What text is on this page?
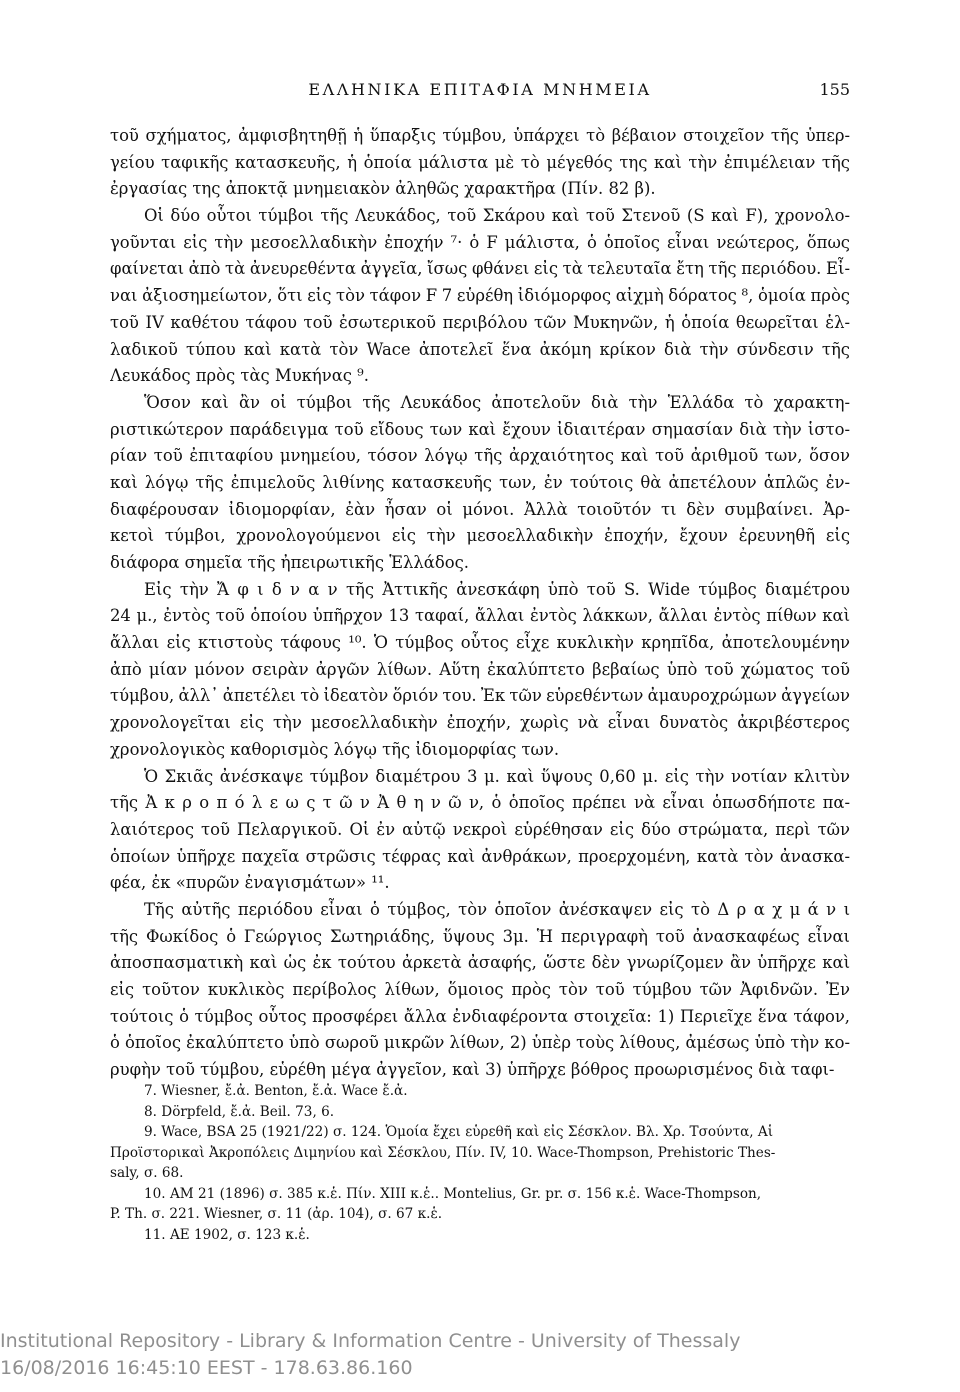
ΕΛΛΗΝΙΚΑ ΕΠΙΤΑΦΙΑ ΜΝΗΜΕΙΑ	155
τοῦ σχήματος, ἀμφισβητηθῇ ἡ ὕπαρξις τύμβου, ὑπάρχει τὸ βέβαιον στοιχεῖον τῆς ὑπερ-
γείου ταφικῆς κατασκευῆς, ἡ ὁποία μάλιστα μὲ τὸ μέγεθός της καὶ τὴν ἐπιμέλειαν τῆς
ἐργασίας της ἀποκτᾷ μνημειακὸν ἀληθῶς χαρακτῆρα (Πίν. 82 β).
Οἱ δύο οὗτοι τύμβοι τῆς Λευκάδος, τοῦ Σκάρου καὶ τοῦ Στενοῦ (S καὶ F), χρονολο-
γοῦνται εἰς τὴν μεσοελλαδικὴν ἐποχήν ⁷· ὁ F μάλιστα, ὁ ὁποῖος εἶναι νεώτερος, ὅπως
φαίνεται ἀπὸ τὰ ἀνευρεθέντα ἀγγεῖα, ἴσως φθάνει εἰς τὰ τελευταῖα ἔτη τῆς περιόδου. Εἶ-
ναι ἀξιοσημείωτον, ὅτι εἰς τὸν τάφον F 7 εὑρέθη ἰδιόμορφος αἰχμὴ δόρατος ⁸, ὁμοία πρὸς
τοῦ IV καθέτου τάφου τοῦ ἐσωτερικοῦ περιβόλου τῶν Μυκηνῶν, ἡ ὁποία θεωρεῖται ἑλ-
λαδικοῦ τύπου καὶ κατὰ τὸν Wace ἀποτελεῖ ἕνα ἀκόμη κρίκον διὰ τὴν σύνδεσιν τῆς
Λευκάδος πρὸς τὰς Μυκήνας ⁹.
Ὅσον καὶ ἂν οἱ τύμβοι τῆς Λευκάδος ἀποτελοῦν διὰ τὴν Ἑλλάδα τὸ χαρακτη-
ριστικώτερον παράδειγμα τοῦ εἴδους των καὶ ἔχουν ἰδιαιτέραν σημασίαν διὰ τὴν ἱστο-
ρίαν τοῦ ἐπιταφίου μνημείου, τόσον λόγῳ τῆς ἀρχαιότητος καὶ τοῦ ἀριθμοῦ των, ὅσον
καὶ λόγῳ τῆς ἐπιμελοῦς λιθίνης κατασκευῆς των, ἐν τούτοις θὰ ἀπετέλουν ἁπλῶς ἐν-
διαφέρουσαν ἰδιομορφίαν, ἐὰν ἦσαν οἱ μόνοι. Ἀλλὰ τοιοῦτόν τι δὲν συμβαίνει. Ἀρ-
κετοὶ τύμβοι, χρονολογούμενοι εἰς τὴν μεσοελλαδικὴν ἐποχήν, ἔχουν ἐρευνηθῆ εἰς
διάφορα σημεῖα τῆς ἠπειρωτικῆς Ἑλλάδος.
Εἰς τὴν Ἄ φ ι δ ν α ν τῆς Ἀττικῆς ἀνεσκάφη ὑπὸ τοῦ S. Wide τύμβος διαμέτρου
24 μ., ἐντὸς τοῦ ὁποίου ὑπῆρχον 13 ταφαί, ἄλλαι ἐντὸς λάκκων, ἄλλαι ἐντὸς πίθων καὶ
ἄλλαι εἰς κτιστοὺς τάφους ¹⁰. Ὁ τύμβος οὗτος εἶχε κυκλικὴν κρηπῖδα, ἀποτελουμένην
ἀπὸ μίαν μόνον σειρὰν ἀργῶν λίθων. Αὕτη ἐκαλύπτετο βεβαίως ὑπὸ τοῦ χώματος τοῦ
τύμβου, ἀλλ᾽ ἀπετέλει τὸ ἰδεατὸν ὅριόν του. Ἐκ τῶν εὑρεθέντων ἀμαυροχρώμων ἀγγείων
χρονολογεῖται εἰς τὴν μεσοελλαδικὴν ἐποχήν, χωρὶς νὰ εἶναι δυνατὸς ἀκριβέστερος
χρονολογικὸς καθορισμὸς λόγῳ τῆς ἰδιομορφίας των.
Ὁ Σκιᾶς ἀνέσκαψε τύμβον διαμέτρου 3 μ. καὶ ὕψους 0,60 μ. εἰς τὴν νοτίαν κλιτὺν
τῆς Ἀ κ ρ ο π ό λ ε ω ς τ ῶ ν Ἀ θ η ν ῶ ν, ὁ ὁποῖος πρέπει νὰ εἶναι ὁπωσδήποτε πα-
λαιότερος τοῦ Πελαργικοῦ. Οἱ ἐν αὐτῷ νεκροὶ εὑρέθησαν εἰς δύο στρώματα, περὶ τῶν
ὁποίων ὑπῆρχε παχεῖα στρῶσις τέφρας καὶ ἀνθράκων, προερχομένη, κατὰ τὸν ἀνασκα-
φέα, ἐκ «πυρῶν ἐναγισμάτων» ¹¹.
Τῆς αὐτῆς περιόδου εἶναι ὁ τύμβος, τὸν ὁποῖον ἀνέσκαψεν εἰς τὸ Δ ρ α χ μ ά ν ι
τῆς Φωκίδος ὁ Γεώργιος Σωτηριάδης, ὕψους 3μ. Ἡ περιγραφὴ τοῦ ἀνασκαφέως εἶναι
ἀποσπασματικὴ καὶ ὡς ἐκ τούτου ἀρκετὰ ἀσαφής, ὥστε δὲν γνωρίζομεν ἂν ὑπῆρχε καὶ
εἰς τοῦτον κυκλικὸς περίβολος λίθων, ὅμοιος πρὸς τὸν τοῦ τύμβου τῶν Ἀφιδνῶν. Ἐν
τούτοις ὁ τύμβος οὗτος προσφέρει ἄλλα ἐνδιαφέροντα στοιχεῖα: 1) Περιεῖχε ἕνα τάφον,
ὁ ὁποῖος ἐκαλύπτετο ὑπὸ σωροῦ μικρῶν λίθων, 2) ὑπὲρ τοὺς λίθους, ἀμέσως ὑπὸ τὴν κο-
ρυφὴν τοῦ τύμβου, εὑρέθη μέγα ἀγγεῖον, καὶ 3) ὑπῆρχε βόθρος προωρισμένος διὰ ταφι-
7. Wiesner, ἔ.ἀ. Benton, ἔ.ἀ. Wace ἔ.ἀ.
8. Dörpfeld, ἔ.ἀ. Beil. 73, 6.
9. Wace, BSA 25 (1921/22) σ. 124. Ὁμοία ἔχει εὑρεθῆ καὶ εἰς Σέσκλον. Βλ. Χρ. Τσούντα, Αἱ
Προϊστορικαὶ Ἀκροπόλεις Διμηνίου καὶ Σέσκλου, Πίν. IV, 10. Wace-Thompson, Prehistoric Thes-
saly, σ. 68.
10. AM 21 (1896) σ. 385 κ.ἑ. Πίν. XIII κ.ἑ.. Montelius, Gr. pr. σ. 156 κ.ἑ. Wace-Thompson,
P. Th. σ. 221. Wiesner, σ. 11 (ἀρ. 104), σ. 67 κ.ἑ.
11. ΑΕ 1902, σ. 123 κ.ἑ.
Institutional Repository - Library & Information Centre - University of Thessaly
16/08/2016 16:45:10 EEST - 178.63.86.160
